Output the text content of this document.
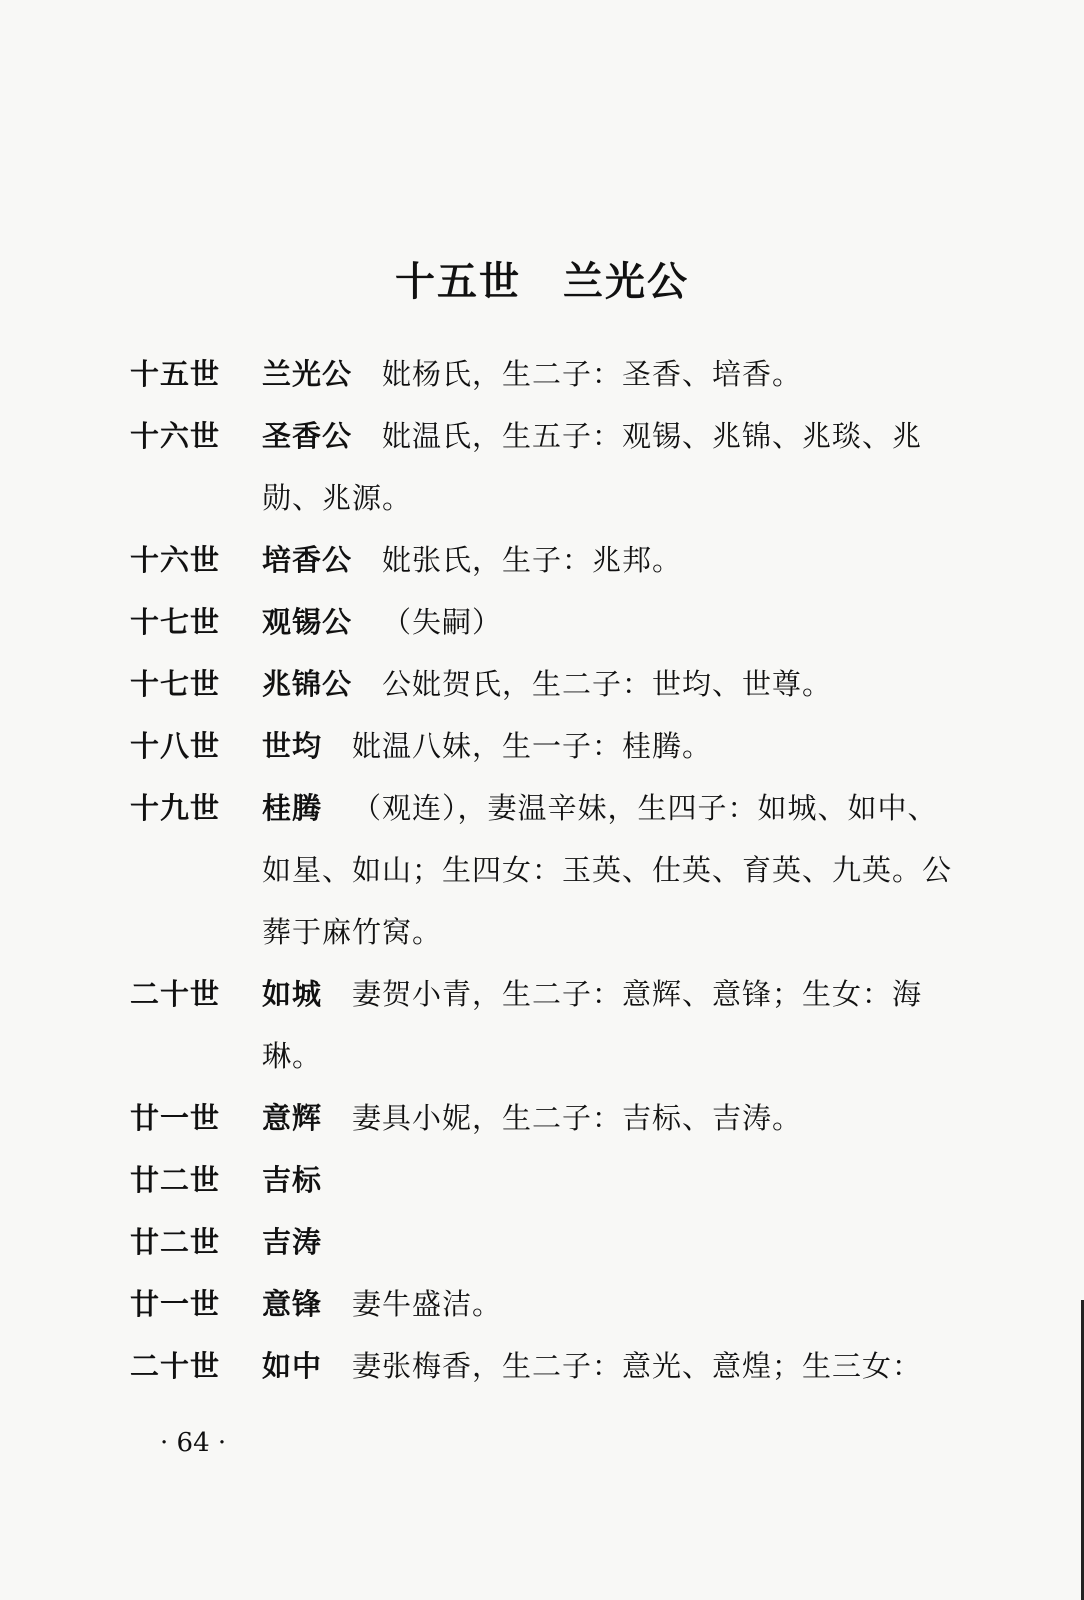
十五世　兰光公
十五世	兰光公 妣杨氏，生二子：圣香、培香。
十六世	圣香公 妣温氏，生五子：观锡、兆锦、兆琰、兆勋、兆源。
十六世	培香公 妣张氏，生子：兆邦。
十七世	观锡公 （失嗣）
十七世	兆锦公 公妣贺氏，生二子：世均、世尊。
十八世	世均 妣温八妹，生一子：桂腾。
十九世	桂腾 （观连），妻温辛妹，生四子：如城、如中、如星、如山；生四女：玉英、仕英、育英、九英。公葬于麻竹窝。
二十世	如城 妻贺小青，生二子：意辉、意锋；生女：海琳。
廿一世	意辉 妻具小妮，生二子：吉标、吉涛。
廿二世	吉标
廿二世	吉涛
廿一世	意锋 妻牛盛洁。
二十世	如中 妻张梅香，生二子：意光、意煌；生三女：
· 64 ·
